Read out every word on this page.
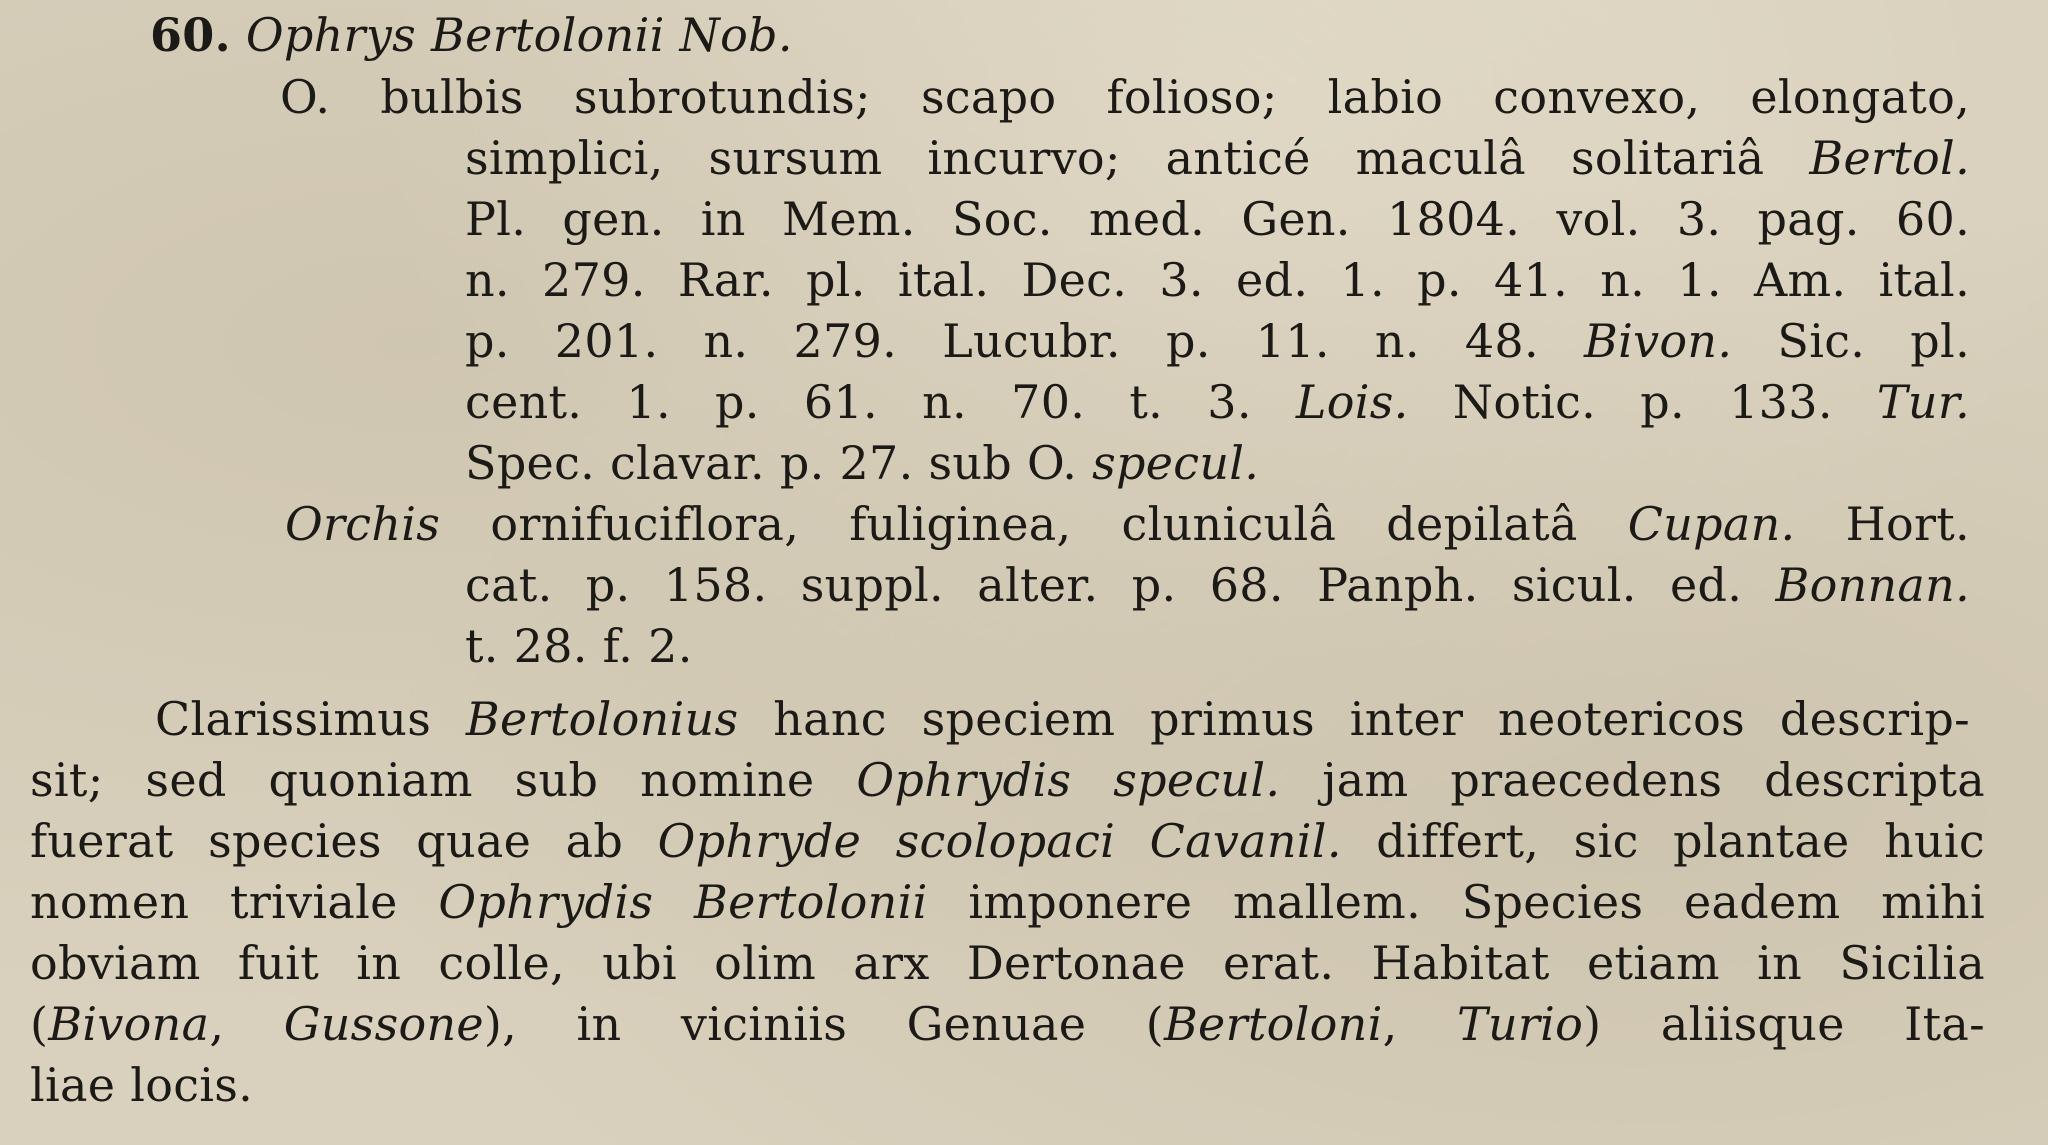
60. Ophrys Bertolonii Nob.
O. bulbis subrotundis; scapo folioso; labio convexo, elongato,
simplici, sursum incurvo; anticé maculâ solitariâ Bertol.
Pl. gen. in Mem. Soc. med. Gen. 1804. vol. 3. pag. 60.
n. 279. Rar. pl. ital. Dec. 3. ed. 1. p. 41. n. 1. Am. ital.
p. 201. n. 279. Lucubr. p. 11. n. 48. Bivon. Sic. pl.
cent. 1. p. 61. n. 70. t. 3. Lois. Notic. p. 133. Tur.
Spec. clavar. p. 27. sub O. specul.
Orchis ornifuciflora, fuliginea, cluniculâ depilatâ Cupan. Hort.
cat. p. 158. suppl. alter. p. 68. Panph. sicul. ed. Bonnan.
t. 28. f. 2.
Clarissimus Bertolonius hanc speciem primus inter neotericos descrip-
sit; sed quoniam sub nomine Ophrydis specul. jam praecedens descripta
fuerat species quae ab Ophryde scolopaci Cavanil. differt, sic plantae huic
nomen triviale Ophrydis Bertolonii imponere mallem. Species eadem mihi
obviam fuit in colle, ubi olim arx Dertonae erat. Habitat etiam in Sicilia
(Bivona, Gussone), in viciniis Genuae (Bertoloni, Turio) aliisque Ita-
liae locis.
